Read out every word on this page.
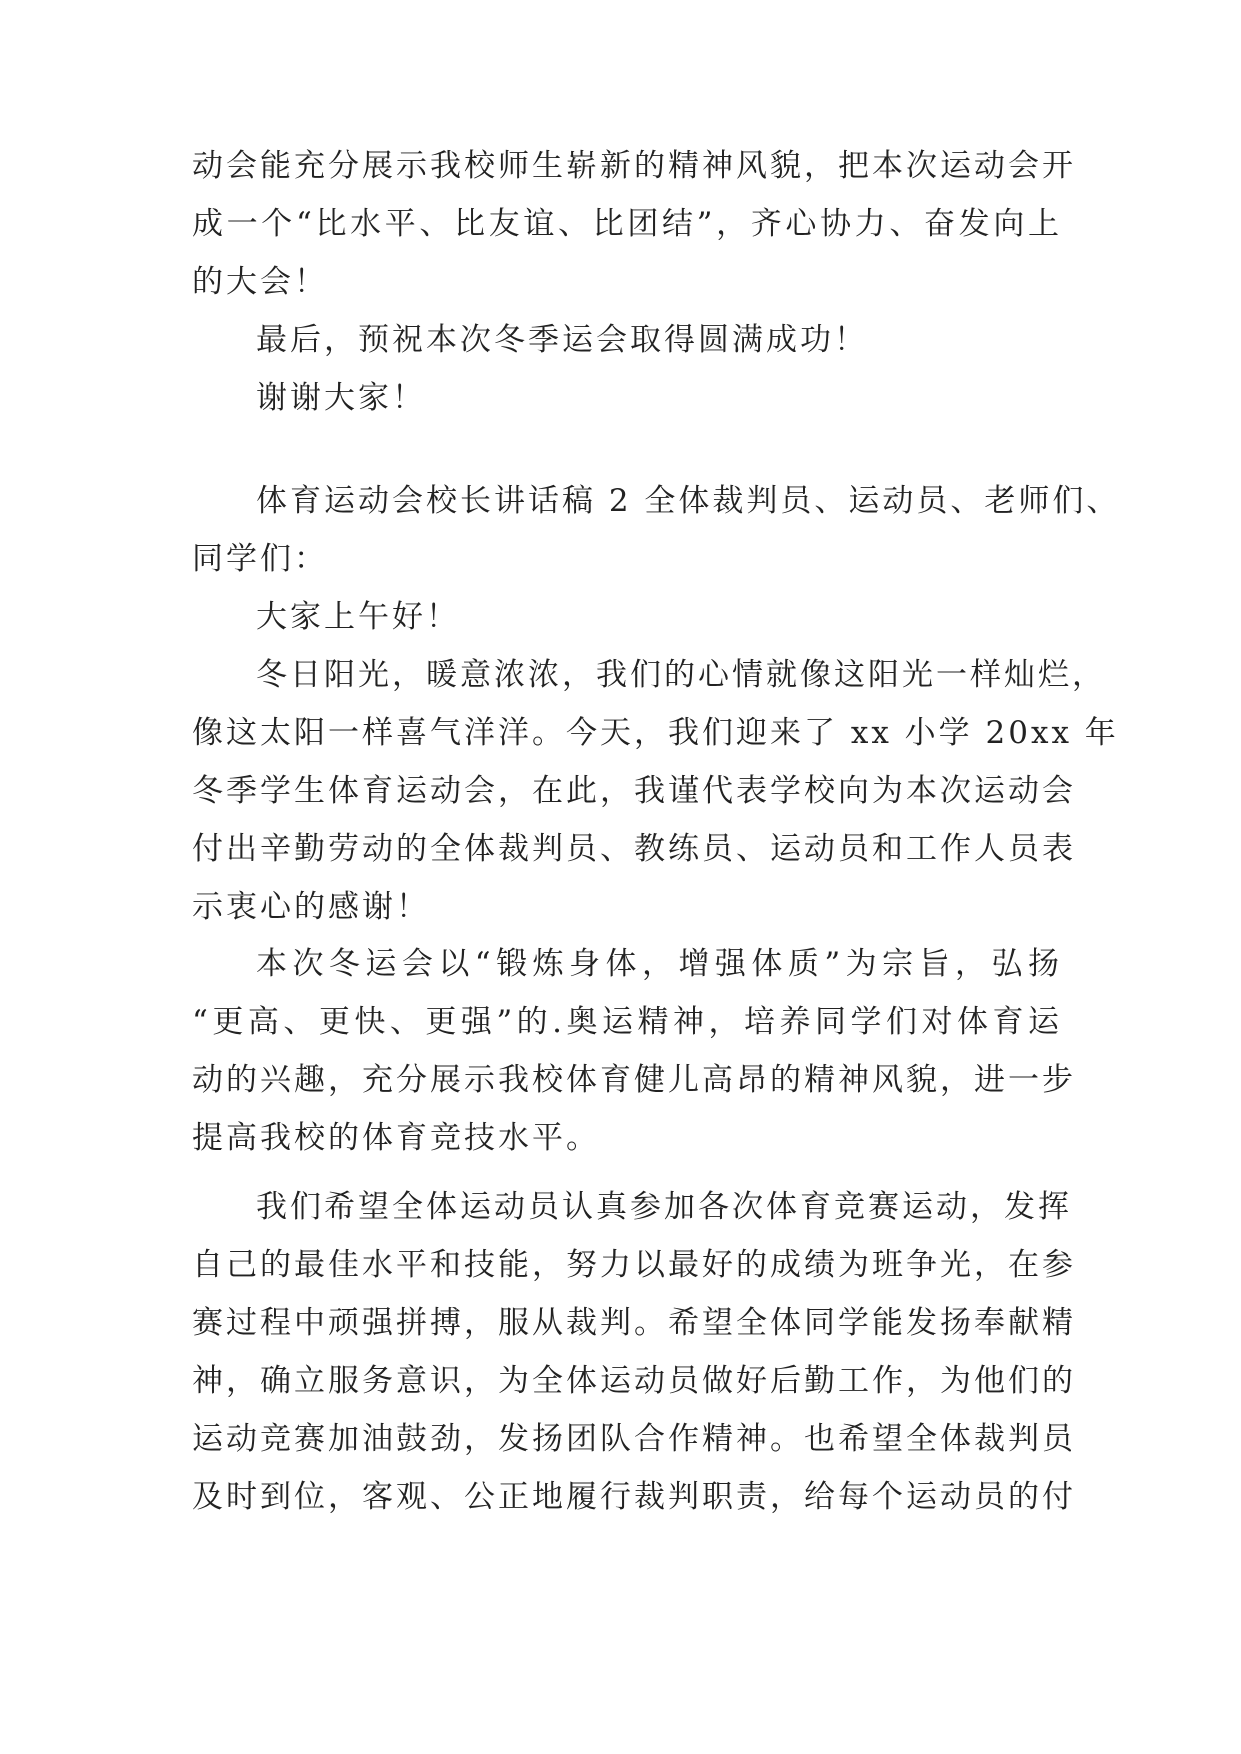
动会能充分展示我校师生崭新的精神风貌，把本次运动会开
成一个“比水平、比友谊、比团结”，齐心协力、奋发向上
的大会！
最后，预祝本次冬季运会取得圆满成功！
谢谢大家！
体育运动会校长讲话稿 2 全体裁判员、运动员、老师们、
同学们：
大家上午好！
冬日阳光，暖意浓浓，我们的心情就像这阳光一样灿烂，
像这太阳一样喜气洋洋。今天，我们迎来了 xx 小学 20xx 年
冬季学生体育运动会，在此，我谨代表学校向为本次运动会
付出辛勤劳动的全体裁判员、教练员、运动员和工作人员表
示衷心的感谢！
本次冬运会以“锻炼身体，增强体质”为宗旨，弘扬
“更高、更快、更强”的.奥运精神，培养同学们对体育运
动的兴趣，充分展示我校体育健儿高昂的精神风貌，进一步
提高我校的体育竞技水平。
我们希望全体运动员认真参加各次体育竞赛运动，发挥
自己的最佳水平和技能，努力以最好的成绩为班争光，在参
赛过程中顽强拼搏，服从裁判。希望全体同学能发扬奉献精
神，确立服务意识，为全体运动员做好后勤工作，为他们的
运动竞赛加油鼓劲，发扬团队合作精神。也希望全体裁判员
及时到位，客观、公正地履行裁判职责，给每个运动员的付
